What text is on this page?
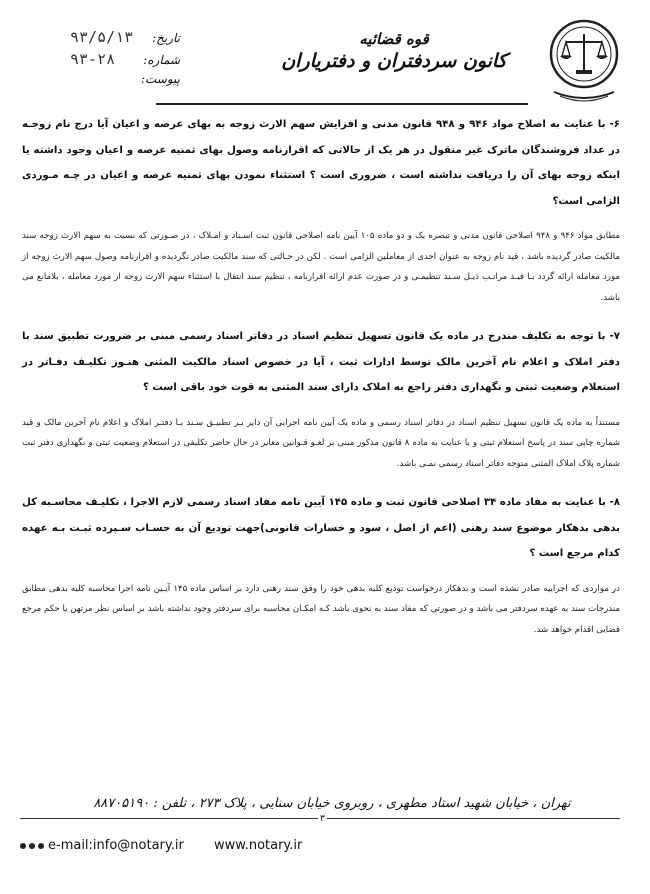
قوه قضائيه
کانون سردفتران و دفترياران
تاريخ:
۹۳/۵/۱۳
شماره:
۹۳-۲۸
پيوست:

۶- با عنايت به اصلاح مواد ۹۴۶ و ۹۴۸ قانون مدنی و افزايش سهم الارث زوجه به بهای عرصه و اعيان آيا درج نام زوجـه در عداد فروشندگان ماترک غير منقول در هر يک از حالاتی که اقرارنامه وصول بهای ثمنيه عرصه و اعيان وجود داشته يا اينکه زوجه بهای آن را دريافت نداشته است ، ضروری است ؟ استثناء نمودن بهای ثمنيه عرصه و اعيان در چـه مـوردی الزامی است؟

مطابق مواد ۹۴۶ و ۹۴۸ اصلاحی قانون مدنی و تبصره يک و دو ماده ۱۰۵ آيين نامه اصلاحی قانون ثبت اسـناد و امـلاک ، در صـورتی که نسبت به سهم الارث زوجه سند مالکيت صادر گرديده باشد ، قيد نام زوجه به عنوان احدی از معاملين الزامی است . لکن در حـالتی که سند مالکيت صادر نگرديده و اقرارنامه وصول سهم الارث زوجه از مورد معامله ارائه گردد بـا قيـد مراتـب ذيـل سـند تنظيمـی و در صورت عدم ارائه اقرارنامه ، تنظيم سند انتقال با استثناء سهم الارث زوجه از مورد معامله ، بلامانع می باشد.

۷- با توجه به تکليف مندرج در ماده يک قانون تسهيل تنظيم اسناد در دفاتر اسناد رسمی مبنی بر ضرورت تطبيق سند با دفتر املاک و اعلام نام آخرين مالک توسط ادارات ثبت ، آيا در خصوص اسناد مالکيت المثنی هنـوز تکليـف دفـاتر در استعلام وضعيت ثبتی و نگهداری دفتر راجع به املاک دارای سند المثنی به قوت خود باقی است ؟

مستنداً به ماده يک قانون تسهيل تنظيم اسناد در دفاتر اسناد رسمی و ماده يک آيين نامه اجرايی آن داير بـر تطبيـق سـند بـا دفتـر املاک و اعلام نام آخرين مالک و قيد شماره چاپی سند در پاسخ استعلام ثبتی و با عنايت به ماده ۸ قانون مذکور مبنی بر لغـو قـوانين مغاير در حال حاضر تکليفی در استعلام وضعيت ثبتی و نگهداری دفتر ثبت شماره پلاک املاک المثنی متوجه دفاتر اسناد رسمی نمـی باشد.

۸- با عنايت به مفاد ماده ۳۴ اصلاحی قانون ثبت و ماده ۱۴۵ آيين نامه مفاد اسناد رسمی لازم الاجرا ، تکليـف محاسـبه کل بدهی بدهکار موضوع سند رهنی (اعم از اصل ، سود و خسارات قانونی)جهت توديع آن به حسـاب سـپرده ثبـت بـه عهده کدام مرجع است ؟

در مواردی که اجراييه صادر نشده است و بدهکار درخواست توديع کليه بدهی خود را وفق سند رهنی دارد بر اساس ماده ۱۴۵ آيـين نامه اجرا محاسبه کليه بدهی مطابق مندرجات سند به عهده سردفتر می باشد و در صورتی که مفاد سند به نحوی باشد کـه امکـان محاسبه برای سردفتر وجود نداشته باشد بر اساس نظر مرتهن يا حکم مرجع قضايی اقدام خواهد شد.

تهران ، خيابان شهيد استاد مطهری ، روبروی خيابان سنايی ، پلاک ۲۷۳ ، تلفن : ۸۸۷۰۵۱۹۰
۳
e-mail:info@notary.ir www.notary.ir
